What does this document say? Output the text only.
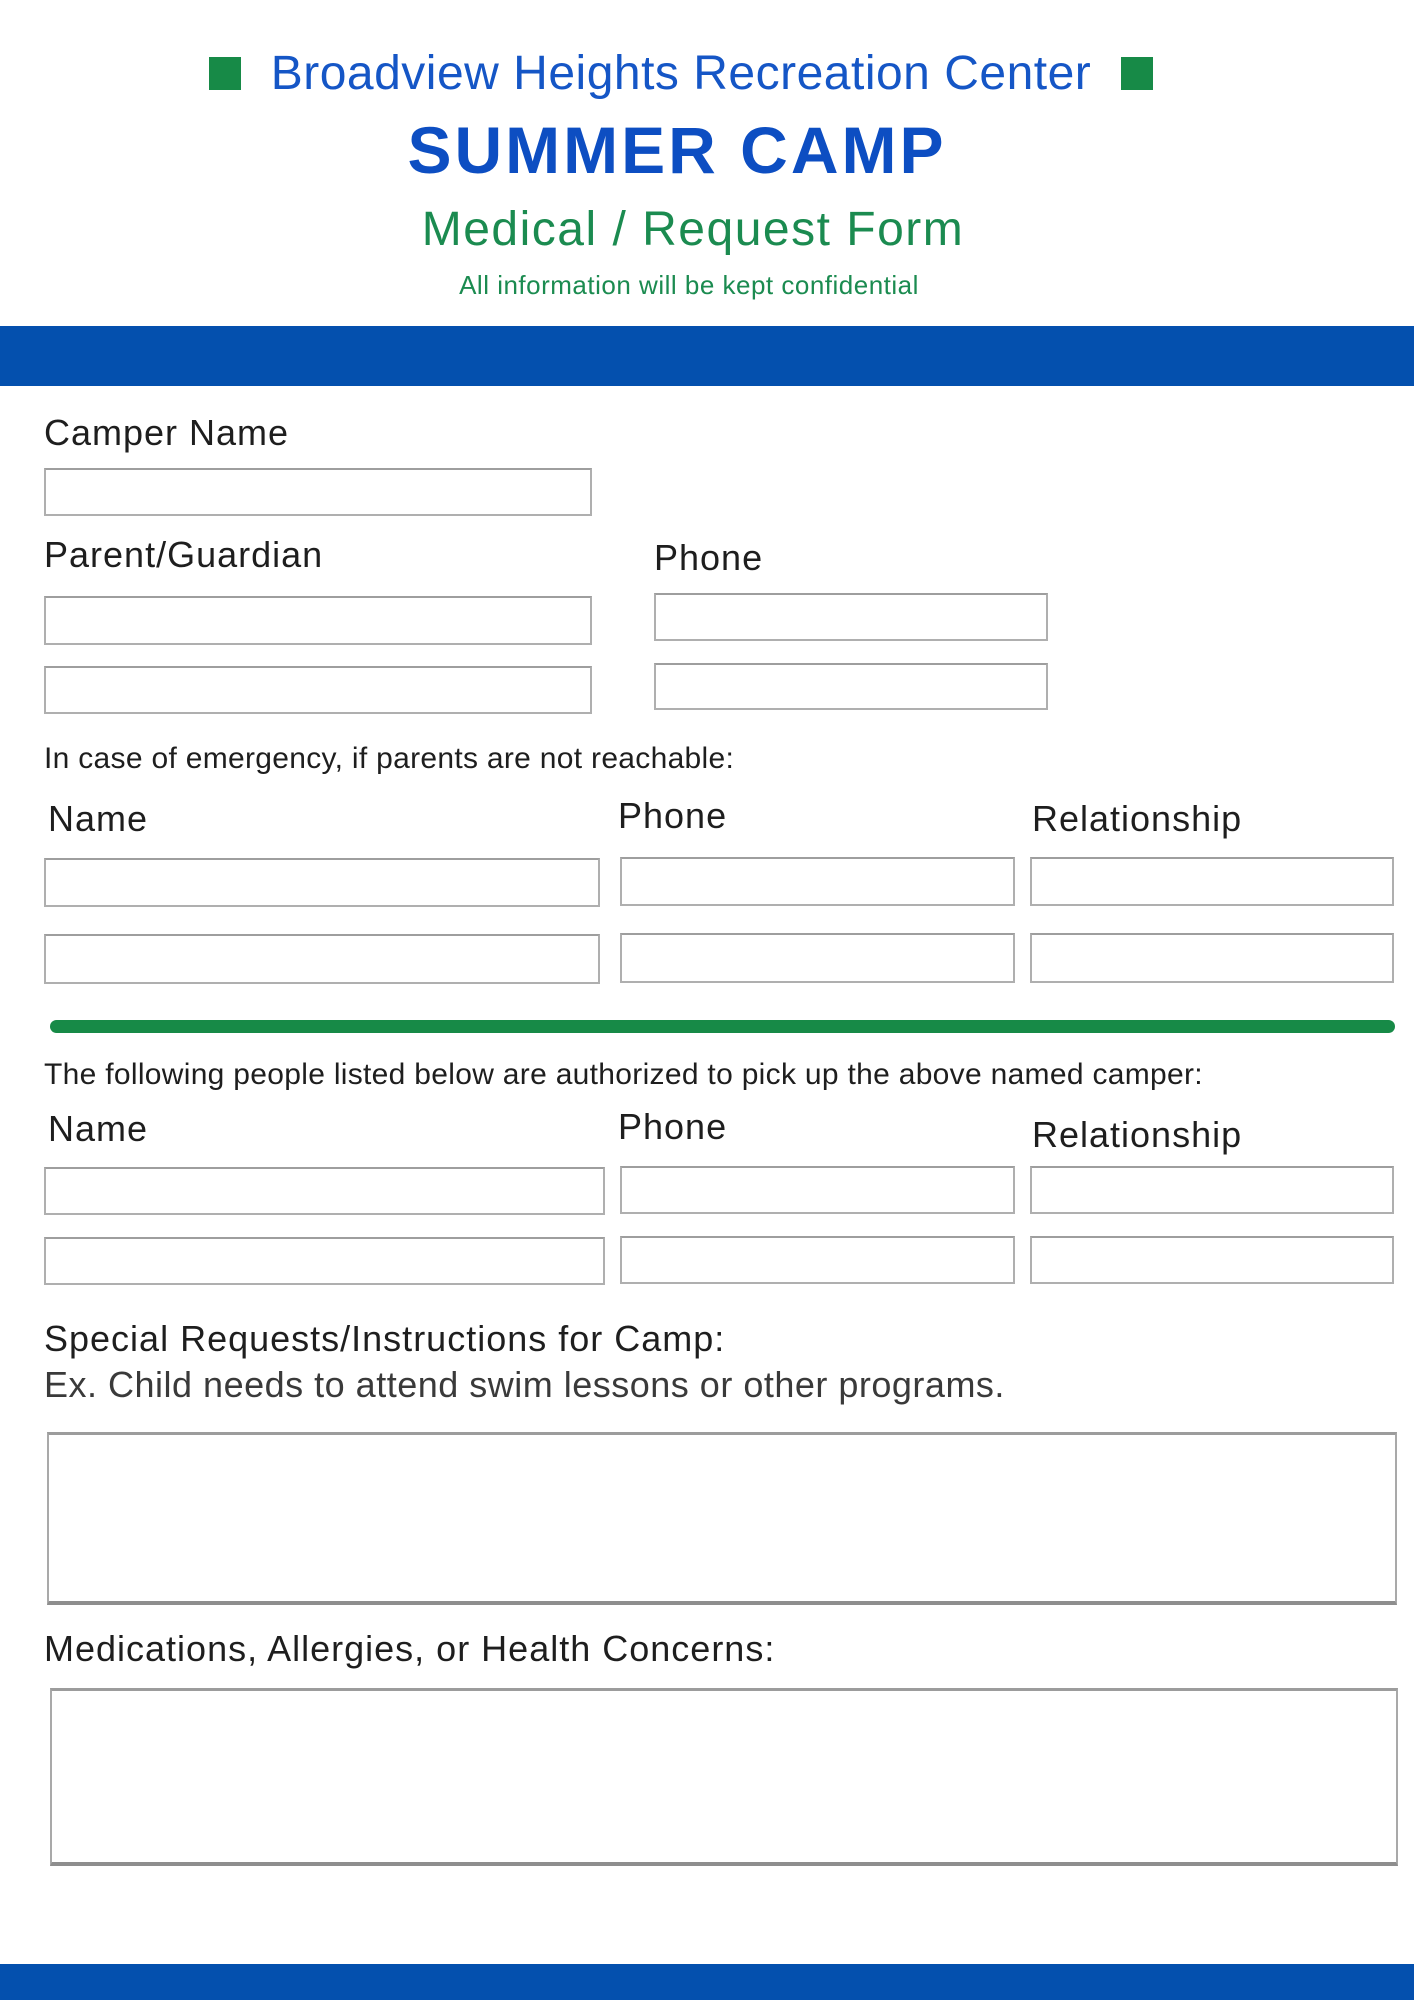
Broadview Heights Recreation Center
SUMMER CAMP
Medical / Request Form
All information will be kept confidential
Camper Name
Parent/Guardian	Phone
In case of emergency, if parents are not reachable:
Name	Phone	Relationship
The following people listed below are authorized to pick up the above named camper:
Name	Phone	Relationship
Special Requests/Instructions for Camp:
Ex. Child needs to attend swim lessons or other programs.
Medications, Allergies, or Health Concerns:
